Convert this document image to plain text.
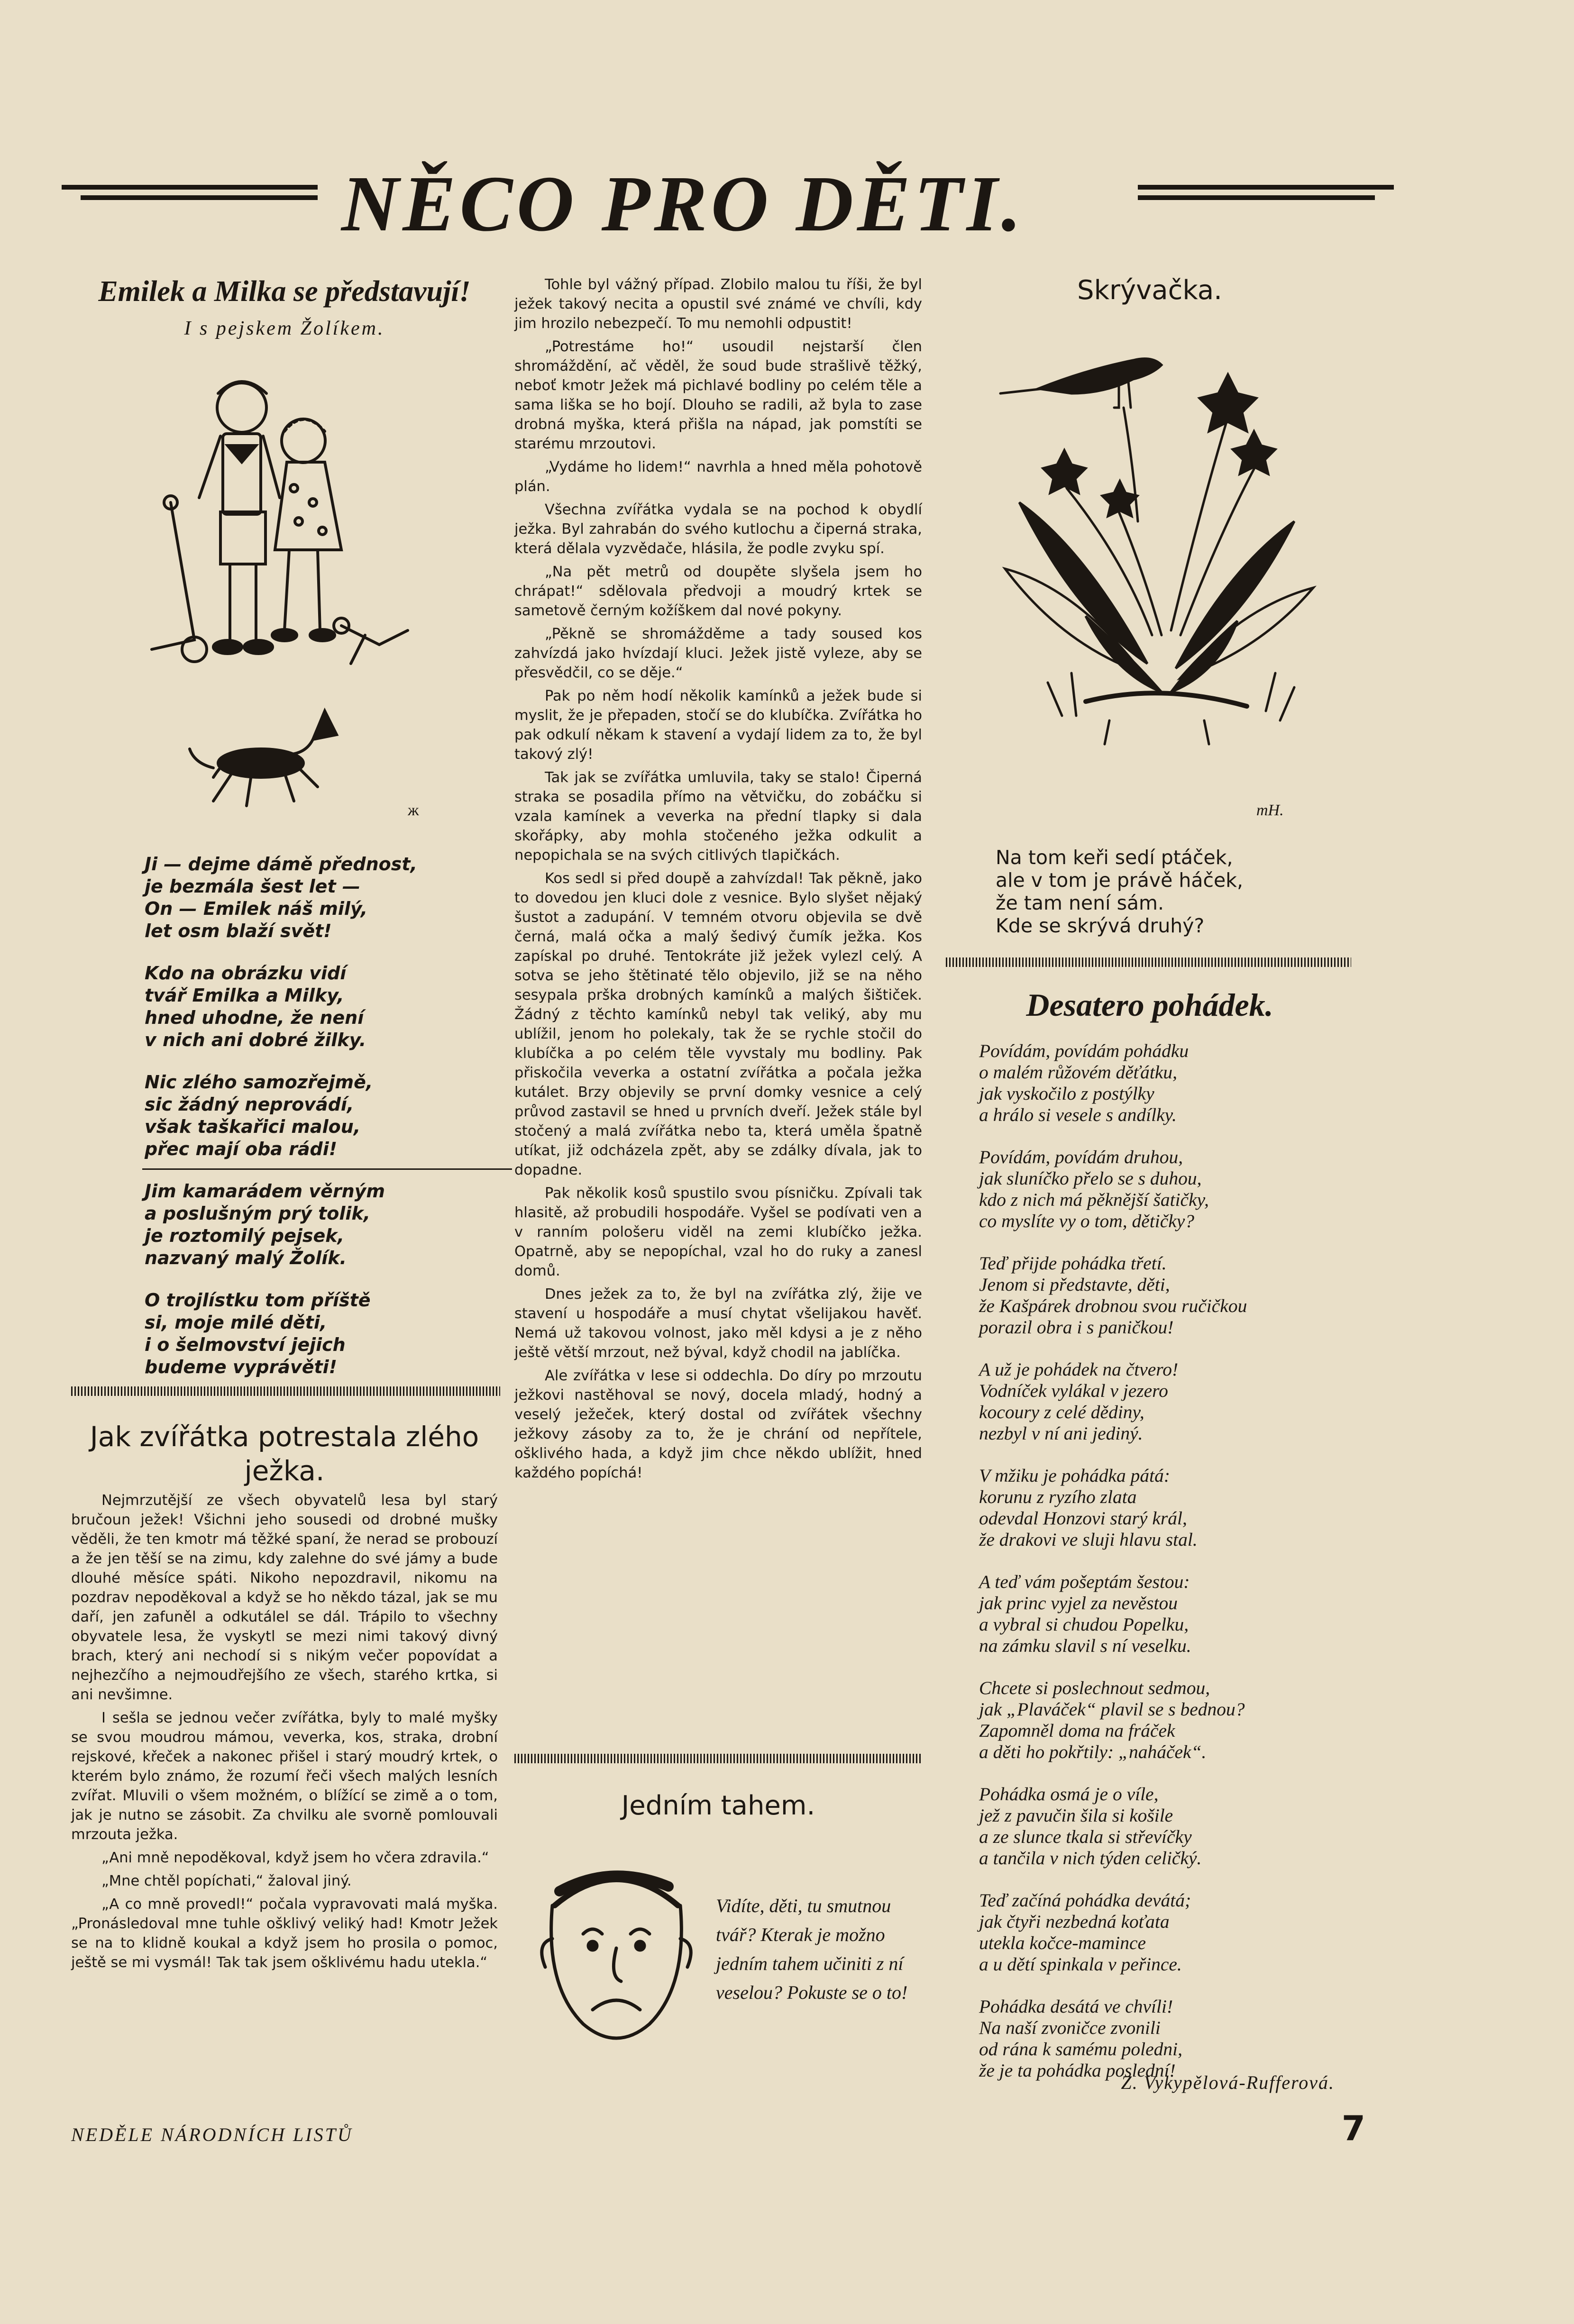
NĚCO PRO DĚTI.
Emilek a Milka se představují!
I s pejskem Žolíkem.
ж
Ji — dejme dámě přednost,
je bezmála šest let —
On — Emilek náš milý,
let osm blaží svět!
Kdo na obrázku vidí
tvář Emilka a Milky,
hned uhodne, že není
v nich ani dobré žilky.
Nic zlého samozřejmě,
sic žádný neprovádí,
však taškařici malou,
přec mají oba rádi!
Jim kamarádem věrným
a poslušným prý tolik,
je roztomilý pejsek,
nazvaný malý Žolík.
O trojlístku tom příště
si, moje milé děti,
i o šelmovství jejich
budeme vyprávěti!
Jak zvířátka potrestala zlého ježka.

Nejmrzutější ze všech obyvatelů lesa byl starý bručoun ježek! Všichni jeho sousedi od drobné mušky věděli, že ten kmotr má těžké spaní, že nerad se probouzí a že jen těší se na zimu, kdy zalehne do své jámy a bude dlouhé měsíce spáti. Nikoho nepozdravil, nikomu na pozdrav nepoděkoval a když se ho někdo tázal, jak se mu daří, jen zafuněl a odkutálel se dál. Trápilo to všechny obyvatele lesa, že vyskytl se mezi nimi takový divný brach, který ani nechodí si s nikým večer popovídat a nejhezčího a nejmoudřejšího ze všech, starého krtka, si ani nevšimne.

I sešla se jednou večer zvířátka, byly to malé myšky se svou moudrou mámou, veverka, kos, straka, drobní rejskové, křeček a nakonec přišel i starý moudrý krtek, o kterém bylo známo, že rozumí řeči všech malých lesních zvířat. Mluvili o všem možném, o blížící se zimě a o tom, jak je nutno se zásobit. Za chvilku ale svorně pomlouvali mrzouta ježka.

„Ani mně nepoděkoval, když jsem ho včera zdravila.“

„Mne chtěl popíchati,“ žaloval jiný.

„A co mně provedl!“ počala vypravovati malá myška. „Pronásledoval mne tuhle ošklivý veliký had! Kmotr Ježek se na to klidně koukal a když jsem ho prosila o pomoc, ještě se mi vysmál! Tak tak jsem ošklivému hadu utekla.“

NEDĚLE NÁRODNÍCH LISTŮ

Tohle byl vážný případ. Zlobilo malou tu říši, že byl ježek takový necita a opustil své známé ve chvíli, kdy jim hrozilo nebezpečí. To mu nemohli odpustit!

„Potrestáme ho!“ usoudil nejstarší člen shromáždění, ač věděl, že soud bude strašlivě těžký, neboť kmotr Ježek má pichlavé bodliny po celém těle a sama liška se ho bojí. Dlouho se radili, až byla to zase drobná myška, která přišla na nápad, jak pomstíti se starému mrzoutovi.

„Vydáme ho lidem!“ navrhla a hned měla pohotově plán.

Všechna zvířátka vydala se na pochod k obydlí ježka. Byl zahrabán do svého kutlochu a čiperná straka, která dělala vyzvědače, hlásila, že podle zvyku spí.

„Na pět metrů od doupěte slyšela jsem ho chrápat!“ sdělovala předvoji a moudrý krtek se sametově černým kožíškem dal nové pokyny.

„Pěkně se shromážděme a tady soused kos zahvízdá jako hvízdají kluci. Ježek jistě vyleze, aby se přesvědčil, co se děje.“

Pak po něm hodí několik kamínků a ježek bude si myslit, že je přepaden, stočí se do klubíčka. Zvířátka ho pak odkulí někam k stavení a vydají lidem za to, že byl takový zlý!

Tak jak se zvířátka umluvila, taky se stalo! Čiperná straka se posadila přímo na větvičku, do zobáčku si vzala kamínek a veverka na přední tlapky si dala skořápky, aby mohla stočeného ježka odkulit a nepopichala se na svých citlivých tlapičkách.

Kos sedl si před doupě a zahvízdal! Tak pěkně, jako to dovedou jen kluci dole z vesnice. Bylo slyšet nějaký šustot a zadupání. V temném otvoru objevila se dvě černá, malá očka a malý šedivý čumík ježka. Kos zapískal po druhé. Tentokráte již ježek vylezl celý. A sotva se jeho štětinaté tělo objevilo, již se na něho sesypala prška drobných kamínků a malých šištiček. Žádný z těchto kamínků nebyl tak veliký, aby mu ublížil, jenom ho polekaly, tak že se rychle stočil do klubíčka a po celém těle vyvstaly mu bodliny. Pak přiskočila veverka a ostatní zvířátka a počala ježka kutálet. Brzy objevily se první domky vesnice a celý průvod zastavil se hned u prvních dveří. Ježek stále byl stočený a malá zvířátka nebo ta, která uměla špatně utíkat, již odcházela zpět, aby se zdálky dívala, jak to dopadne.

Pak několik kosů spustilo svou písničku. Zpívali tak hlasitě, až probudili hospodáře. Vyšel se podívati ven a v ranním pološeru viděl na zemi klubíčko ježka. Opatrně, aby se nepopíchal, vzal ho do ruky a zanesl domů.

Dnes ježek za to, že byl na zvířátka zlý, žije ve stavení u hospodáře a musí chytat všelijakou havěť. Nemá už takovou volnost, jako měl kdysi a je z něho ještě větší mrzout, než býval, když chodil na jablíčka.

Ale zvířátka v lese si oddechla. Do díry po mrzoutu ježkovi nastěhoval se nový, docela mladý, hodný a veselý ježeček, který dostal od zvířátek všechny ježkovy zásoby za to, že je chrání od nepřítele, ošklivého hada, a když jim chce někdo ublížit, hned každého popíchá!

Jedním tahem.
Vidíte, děti, tu smutnou tvář? Kterak je možno jedním tahem učiniti z ní veselou? Pokuste se o to!
Skrývačka.
mH.
Na tom keři sedí ptáček,
ale v tom je právě háček,
že tam není sám.
Kde se skrývá druhý?
Desatero pohádek.
Povídám, povídám pohádku
o malém růžovém děťátku,
jak vyskočilo z postýlky
a hrálo si vesele s andílky.
Povídám, povídám druhou,
jak sluníčko přelo se s duhou,
kdo z nich má pěknější šatičky,
co myslíte vy o tom, dětičky?
Teď přijde pohádka třetí.
Jenom si představte, děti,
že Kašpárek drobnou svou ručičkou
porazil obra i s paničkou!
A už je pohádek na čtvero!
Vodníček vylákal v jezero
kocoury z celé dědiny,
nezbyl v ní ani jediný.
V mžiku je pohádka pátá:
korunu z ryzího zlata
odevdal Honzovi starý král,
že drakovi ve sluji hlavu stal.
A teď vám pošeptám šestou:
jak princ vyjel za nevěstou
a vybral si chudou Popelku,
na zámku slavil s ní veselku.
Chcete si poslechnout sedmou,
jak „Plaváček“ plavil se s bednou?
Zapomněl doma na fráček
a děti ho pokřtily: „naháček“.
Pohádka osmá je o víle,
jež z pavučin šila si košile
a ze slunce tkala si střevíčky
a tančila v nich týden celičký.
Teď začíná pohádka devátá;
jak čtyři nezbedná koťata
utekla kočce-mamince
a u dětí spinkala v peřince.
Pohádka desátá ve chvíli!
Na naší zvoničce zvonili
od rána k samému poledni,
že je ta pohádka poslední!
Z. Vykypělová-Rufferová.
7
